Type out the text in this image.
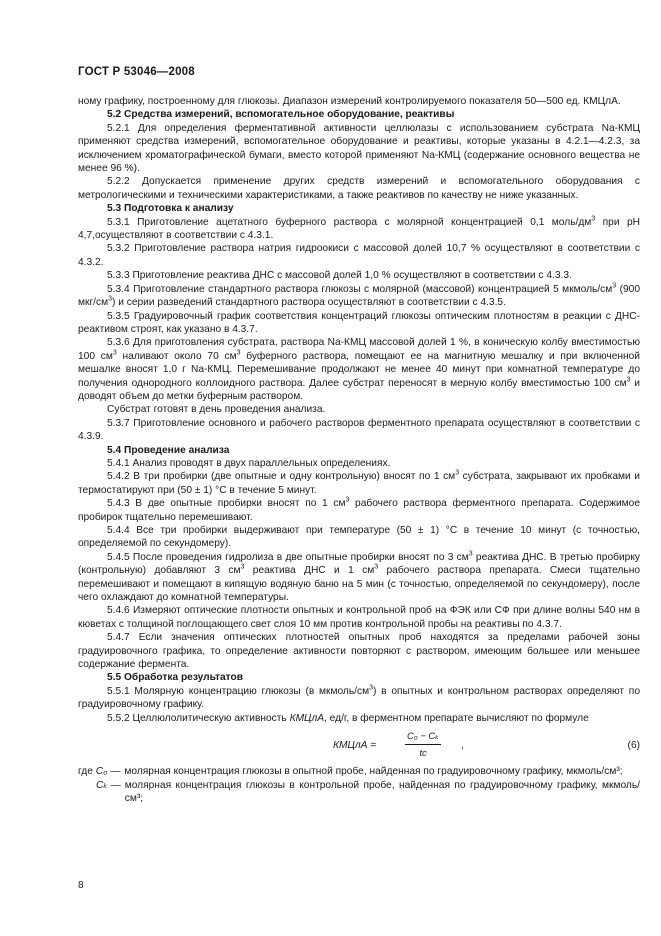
ГОСТ Р 53046—2008

ному графику, построенному для глюкозы. Диапазон измерений контролируемого показателя 50—500 ед. КМЦлА.

5.2 Средства измерений, вспомогательное оборудование, реактивы

5.2.1 Для определения ферментативной активности целлюлазы с использованием субстрата Na-КМЦ применяют средства измерений, вспомогательное оборудование и реактивы, которые указаны в 4.2.1—4.2.3, за исключением хроматографической бумаги, вместо которой применяют Na-КМЦ (содержание основного вещества не менее 96 %).

5.2.2 Допускается применение других средств измерений и вспомогательного оборудования с метрологическими и техническими характеристиками, а также реактивов по качеству не ниже указанных.

5.3 Подготовка к анализу

5.3.1 Приготовление ацетатного буферного раствора с молярной концентрацией 0,1 моль/$дм^3$ при pH 4,7,осуществляют в соответствии с 4.3.1.

5.3.2 Приготовление раствора натрия гидроокиси с массовой долей 10,7 % осуществляют в соответствии с 4.3.2.

5.3.3 Приготовление реактива ДНС с массовой долей 1,0 % осуществляют в соответствии с 4.3.3.

5.3.4 Приготовление стандартного раствора глюкозы с молярной (массовой) концентрацией 5 мкмоль/$см^3$ (900 мкг/$см^3$) и серии разведений стандартного раствора осуществляют в соответствии с 4.3.5.

5.3.5 Градуировочный график соответствия концентраций глюкозы оптическим плотностям в реакции с ДНС-реактивом строят, как указано в 4.3.7.

5.3.6 Для приготовления субстрата, раствора Na-КМЦ массовой долей 1 %, в коническую колбу вместимостью 100 $см^3$ наливают около 70 $см^3$ буферного раствора, помещают ее на магнитную мешалку и при включенной мешалке вносят 1,0 г Na-КМЦ. Перемешивание продолжают не менее 40 минут при комнатной температуре до получения однородного коллоидного раствора. Далее субстрат переносят в мерную колбу вместимостью 100 $см^3$ и доводят объем до метки буферным раствором.

Субстрат готовят в день проведения анализа.

5.3.7 Приготовление основного и рабочего растворов ферментного препарата осуществляют в соответствии с 4.3.9.

5.4 Проведение анализа

5.4.1 Анализ проводят в двух параллельных определениях.

5.4.2 В три пробирки (две опытные и одну контрольную) вносят по 1 $см^3$ субстрата, закрывают их пробками и термостатируют при (50 ± 1) °С в течение 5 минут.

5.4.3 В две опытные пробирки вносят по 1 $см^3$ рабочего раствора ферментного препарата. Содержимое пробирок тщательно перемешивают.

5.4.4 Все три пробирки выдерживают при температуре (50 ± 1) °С в течение 10 минут (с точностью, определяемой по секундомеру).

5.4.5 После проведения гидролиза в две опытные пробирки вносят по 3 $см^3$ реактива ДНС. В третью пробирку (контрольную) добавляют 3 $см^3$ реактива ДНС и 1 $см^3$ рабочего раствора препарата. Смеси тщательно перемешивают и помещают в кипящую водяную баню на 5 мин (с точностью, определяемой по секундомеру), после чего охлаждают до комнатной температуры.

5.4.6 Измеряют оптические плотности опытных и контрольной проб на ФЭК или СФ при длине волны 540 нм в кюветах с толщиной поглощающего свет слоя 10 мм против контрольной пробы на реактивы по 4.3.7.

5.4.7 Если значения оптических плотностей опытных проб находятся за пределами рабочей зоны градуировочного графика, то определение активности повторяют с раствором, имеющим большее или меньшее содержание фермента.

5.5 Обработка результатов

5.5.1 Молярную концентрацию глюкозы (в мкмоль/$см^3$) в опытных и контрольном растворах определяют по градуировочному графику.

5.5.2 Целлюлолитическую активность КМЦлА, ед/г, в ферментном препарате вычисляют по формуле

КМЦлА =	$\frac{\text{C₀ − Cₖ}}{tc}$ ,	(6)
где C₀ — молярная концентрация глюкозы в опытной пробе, найденная по градуировочному графику, мкмоль/см³;
Cₖ — молярная концентрация глюкозы в контрольной пробе, найденная по градуировочному графику, мкмоль/см³;
8
